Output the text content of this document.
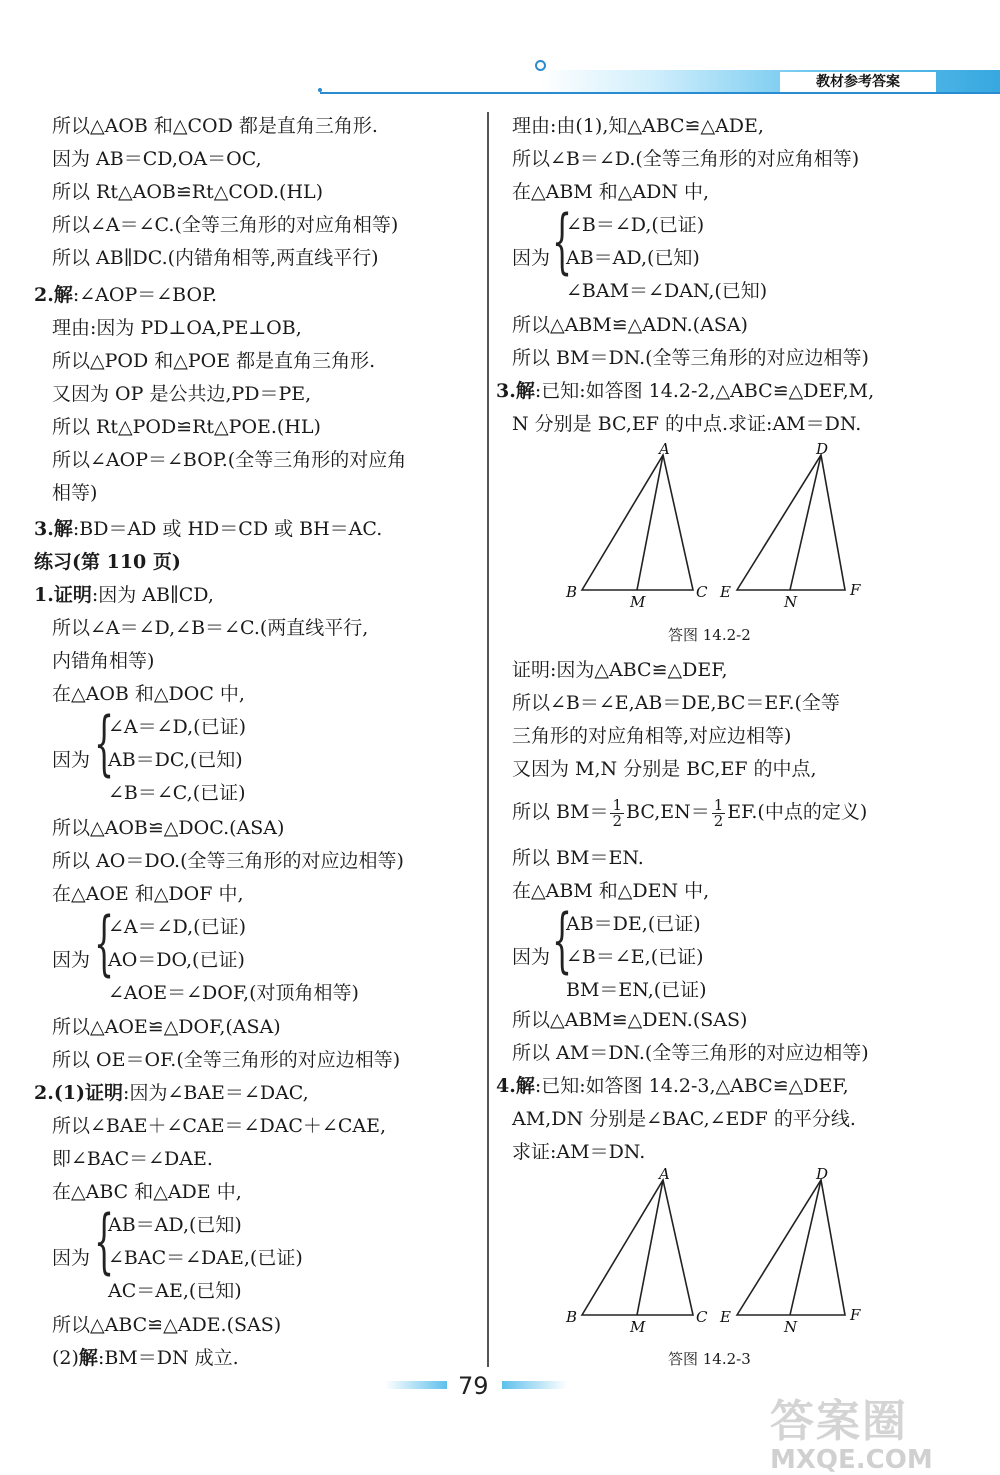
教材参考答案
所以△AOB 和△COD 都是直角三角形.
因为 AB＝CD,OA＝OC,
所以 Rt△AOB≌Rt△COD.(HL)
所以∠A＝∠C.(全等三角形的对应角相等)
所以 AB∥DC.(内错角相等,两直线平行)
2.解:∠AOP＝∠BOP.
理由:因为 PD⊥OA,PE⊥OB,
所以△POD 和△POE 都是直角三角形.
又因为 OP 是公共边,PD＝PE,
所以 Rt△POD≌Rt△POE.(HL)
所以∠AOP＝∠BOP.(全等三角形的对应角
相等)
3.解:BD＝AD 或 HD＝CD 或 BH＝AC.
练习(第 110 页)
1.证明:因为 AB∥CD,
所以∠A＝∠D,∠B＝∠C.(两直线平行,
内错角相等)
在△AOB 和△DOC 中,
∠A＝∠D,(已证)
因为 AB＝DC,(已知)
∠B＝∠C,(已证)
所以△AOB≌△DOC.(ASA)
所以 AO＝DO.(全等三角形的对应边相等)
在△AOE 和△DOF 中,
∠A＝∠D,(已证)
因为 AO＝DO,(已证)
∠AOE＝∠DOF,(对顶角相等)
所以△AOE≌△DOF,(ASA)
所以 OE＝OF.(全等三角形的对应边相等)
2.(1)证明:因为∠BAE＝∠DAC,
所以∠BAE＋∠CAE＝∠DAC＋∠CAE,
即∠BAC＝∠DAE.
在△ABC 和△ADE 中,
AB＝AD,(已知)
因为 ∠BAC＝∠DAE,(已证)
AC＝AE,(已知)
所以△ABC≌△ADE.(SAS)
(2)解:BM＝DN 成立.
理由:由(1),知△ABC≌△ADE,
所以∠B＝∠D.(全等三角形的对应角相等)
在△ABM 和△ADN 中,
∠B＝∠D,(已证)
因为 AB＝AD,(已知)
∠BAM＝∠DAN,(已知)
所以△ABM≌△ADN.(ASA)
所以 BM＝DN.(全等三角形的对应边相等)
3.解:已知:如答图 14.2-2,△ABC≌△DEF,M,
N 分别是 BC,EF 的中点.求证:AM＝DN.
证明:因为△ABC≌△DEF,
所以∠B＝∠E,AB＝DE,BC＝EF.(全等
三角形的对应角相等,对应边相等)
又因为 M,N 分别是 BC,EF 的中点,
所以 BM＝EN.
在△ABM 和△DEN 中,
AB＝DE,(已证)
因为 ∠B＝∠E,(已证)
BM＝EN,(已证)
所以△ABM≌△DEN.(SAS)
所以 AM＝DN.(全等三角形的对应边相等)
4.解:已知:如答图 14.2-3,△ABC≌△DEF,
AM,DN 分别是∠BAC,∠EDF 的平分线.
求证:AM＝DN.
{
{
{
{
{
所以 $BM= \frac{1}{2} BC,EN= \frac{1}{2} EF$.(中点的定义)
A
B	C
M
D
E	F
N
答图 14.2-2
A
B	C
M
D
E	F
N
答图 14.2-3
79
答案圈
MXQE.COM
